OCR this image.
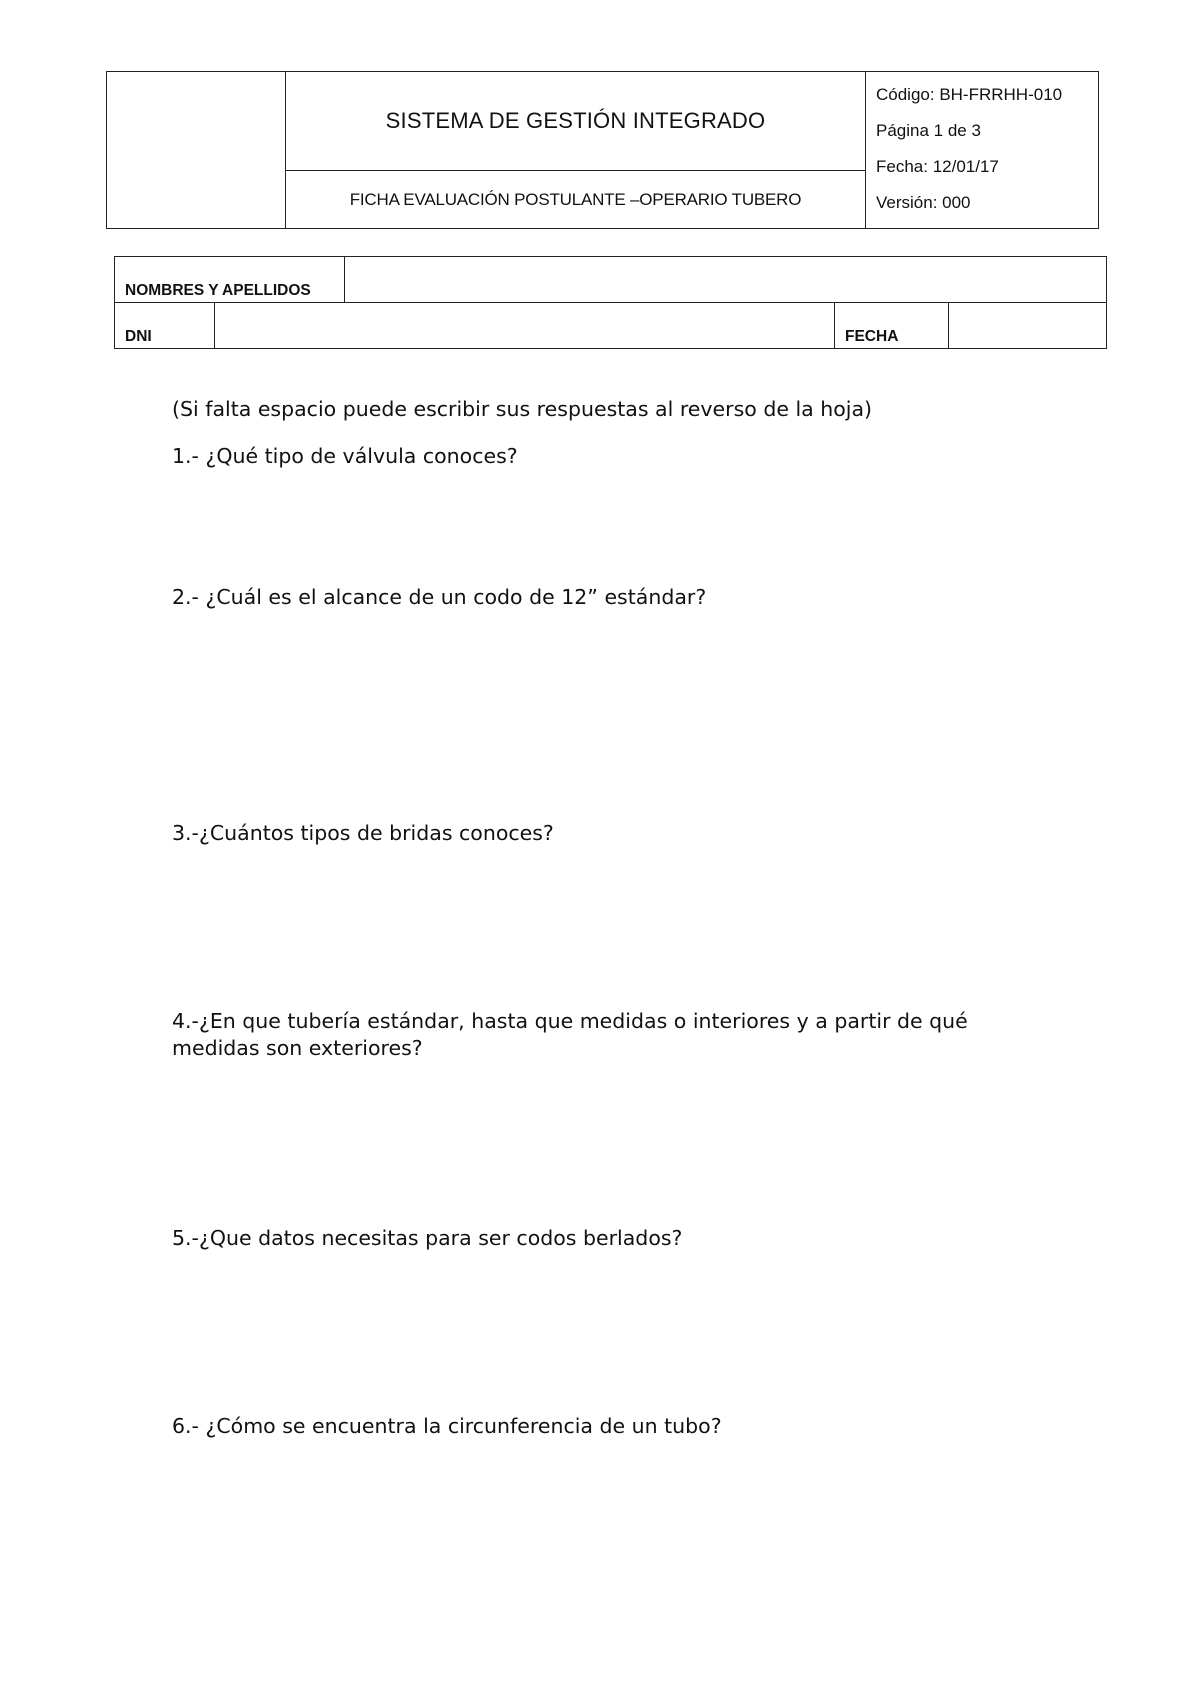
	SISTEMA DE GESTIÓN INTEGRADO	
Código: BH-FRRHH-010
Página 1 de 3
Fecha: 12/01/17
Versión: 000

FICHA EVALUACIÓN POSTULANTE –OPERARIO TUBERO
NOMBRES Y APELLIDOS				
DNI			FECHA	
(Si falta espacio puede escribir sus respuestas al reverso de la hoja)
1.- ¿Qué tipo de válvula conoces?
2.- ¿Cuál es el alcance de un codo de 12” estándar?
3.-¿Cuántos tipos de bridas conoces?
4.-¿En que tubería estándar, hasta que medidas o interiores y a partir de qué medidas son exteriores?
5.-¿Que datos necesitas para ser codos berlados?
6.- ¿Cómo se encuentra la circunferencia de un tubo?
